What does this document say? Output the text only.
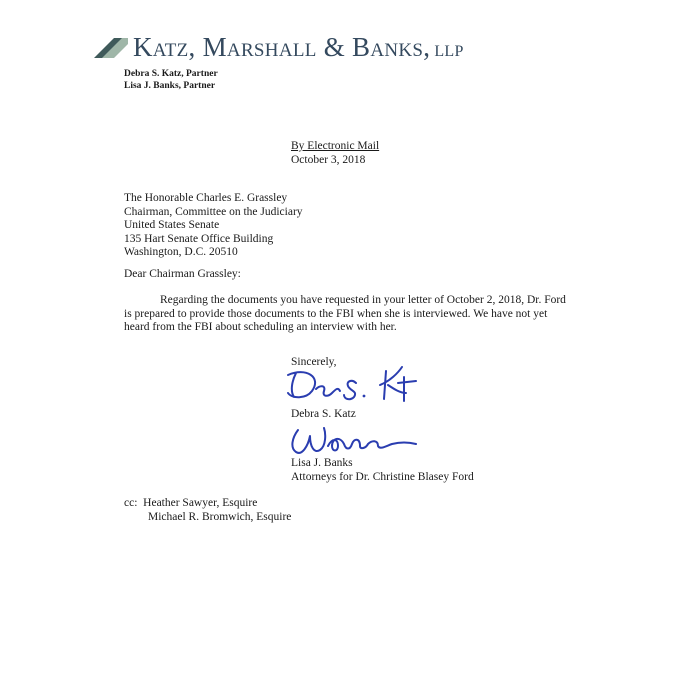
Katz, Marshall & Banks, LLP
Debra S. Katz, Partner
Lisa J. Banks, Partner
By Electronic Mail
October 3, 2018
The Honorable Charles E. Grassley
Chairman, Committee on the Judiciary
United States Senate
135 Hart Senate Office Building
Washington, D.C. 20510
Dear Chairman Grassley:
Regarding the documents you have requested in your letter of October 2, 2018, Dr. Ford
is prepared to provide those documents to the FBI when she is interviewed. We have not yet
heard from the FBI about scheduling an interview with her.
Sincerely,
Debra S. Katz
Lisa J. Banks
Attorneys for Dr. Christine Blasey Ford
cc: Heather Sawyer, Esquire
Michael R. Bromwich, Esquire
